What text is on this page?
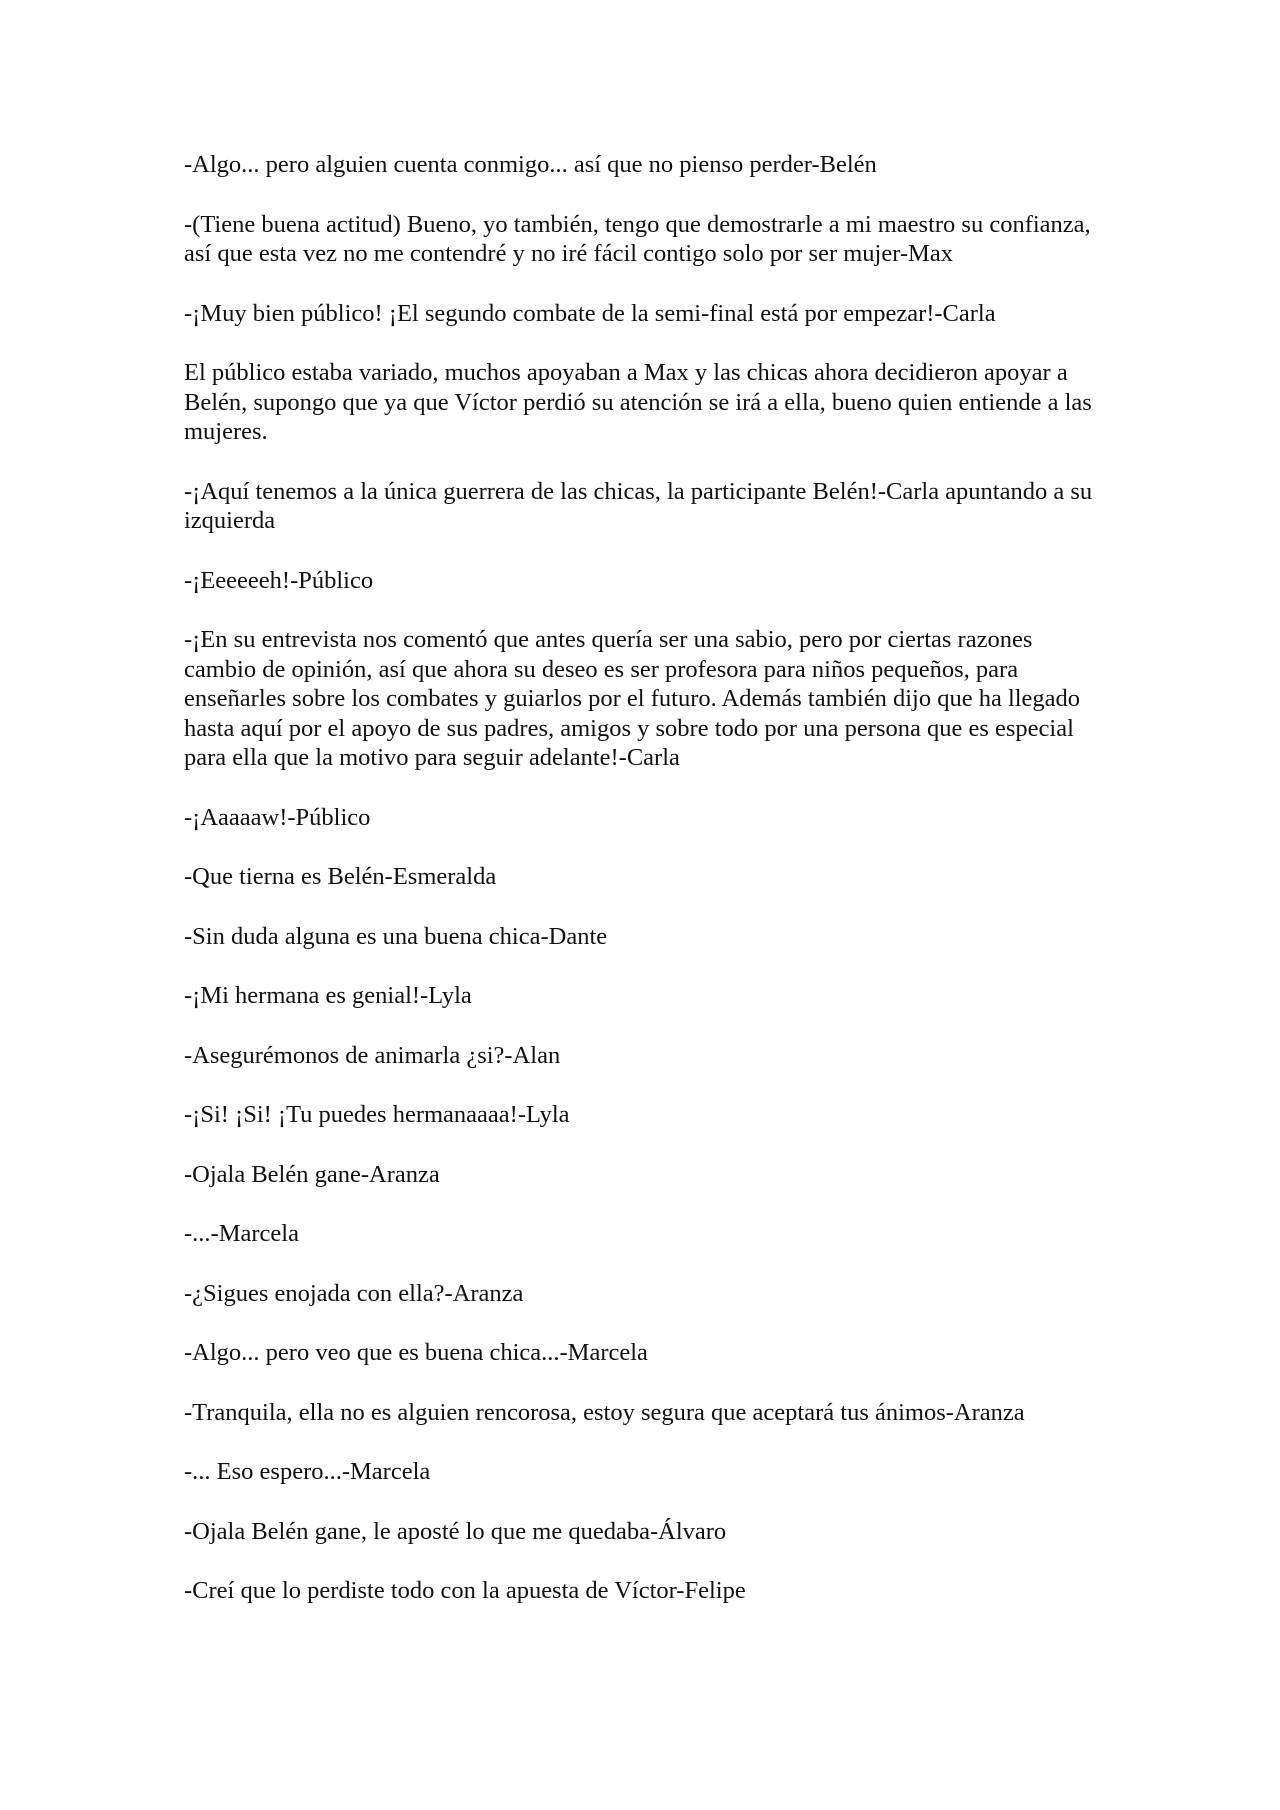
-Algo... pero alguien cuenta conmigo... así que no pienso perder-Belén

-(Tiene buena actitud) Bueno, yo también, tengo que demostrarle a mi maestro su confianza, así que esta vez no me contendré y no iré fácil contigo solo por ser mujer-Max

-¡Muy bien público! ¡El segundo combate de la semi-final está por empezar!-Carla

El público estaba variado, muchos apoyaban a Max y las chicas ahora decidieron apoyar a Belén, supongo que ya que Víctor perdió su atención se irá a ella, bueno quien entiende a las mujeres.

-¡Aquí tenemos a la única guerrera de las chicas, la participante Belén!-Carla apuntando a su izquierda

-¡Eeeeeeh!-Público

-¡En su entrevista nos comentó que antes quería ser una sabio, pero por ciertas razones cambio de opinión, así que ahora su deseo es ser profesora para niños pequeños, para enseñarles sobre los combates y guiarlos por el futuro. Además también dijo que ha llegado hasta aquí por el apoyo de sus padres, amigos y sobre todo por una persona que es especial para ella que la motivo para seguir adelante!-Carla

-¡Aaaaaw!-Público

-Que tierna es Belén-Esmeralda

-Sin duda alguna es una buena chica-Dante

-¡Mi hermana es genial!-Lyla

-Asegurémonos de animarla ¿si?-Alan

-¡Si! ¡Si! ¡Tu puedes hermanaaaa!-Lyla

-Ojala Belén gane-Aranza

-...-Marcela

-¿Sigues enojada con ella?-Aranza

-Algo... pero veo que es buena chica...-Marcela

-Tranquila, ella no es alguien rencorosa, estoy segura que aceptará tus ánimos-Aranza

-... Eso espero...-Marcela

-Ojala Belén gane, le aposté lo que me quedaba-Álvaro

-Creí que lo perdiste todo con la apuesta de Víctor-Felipe
